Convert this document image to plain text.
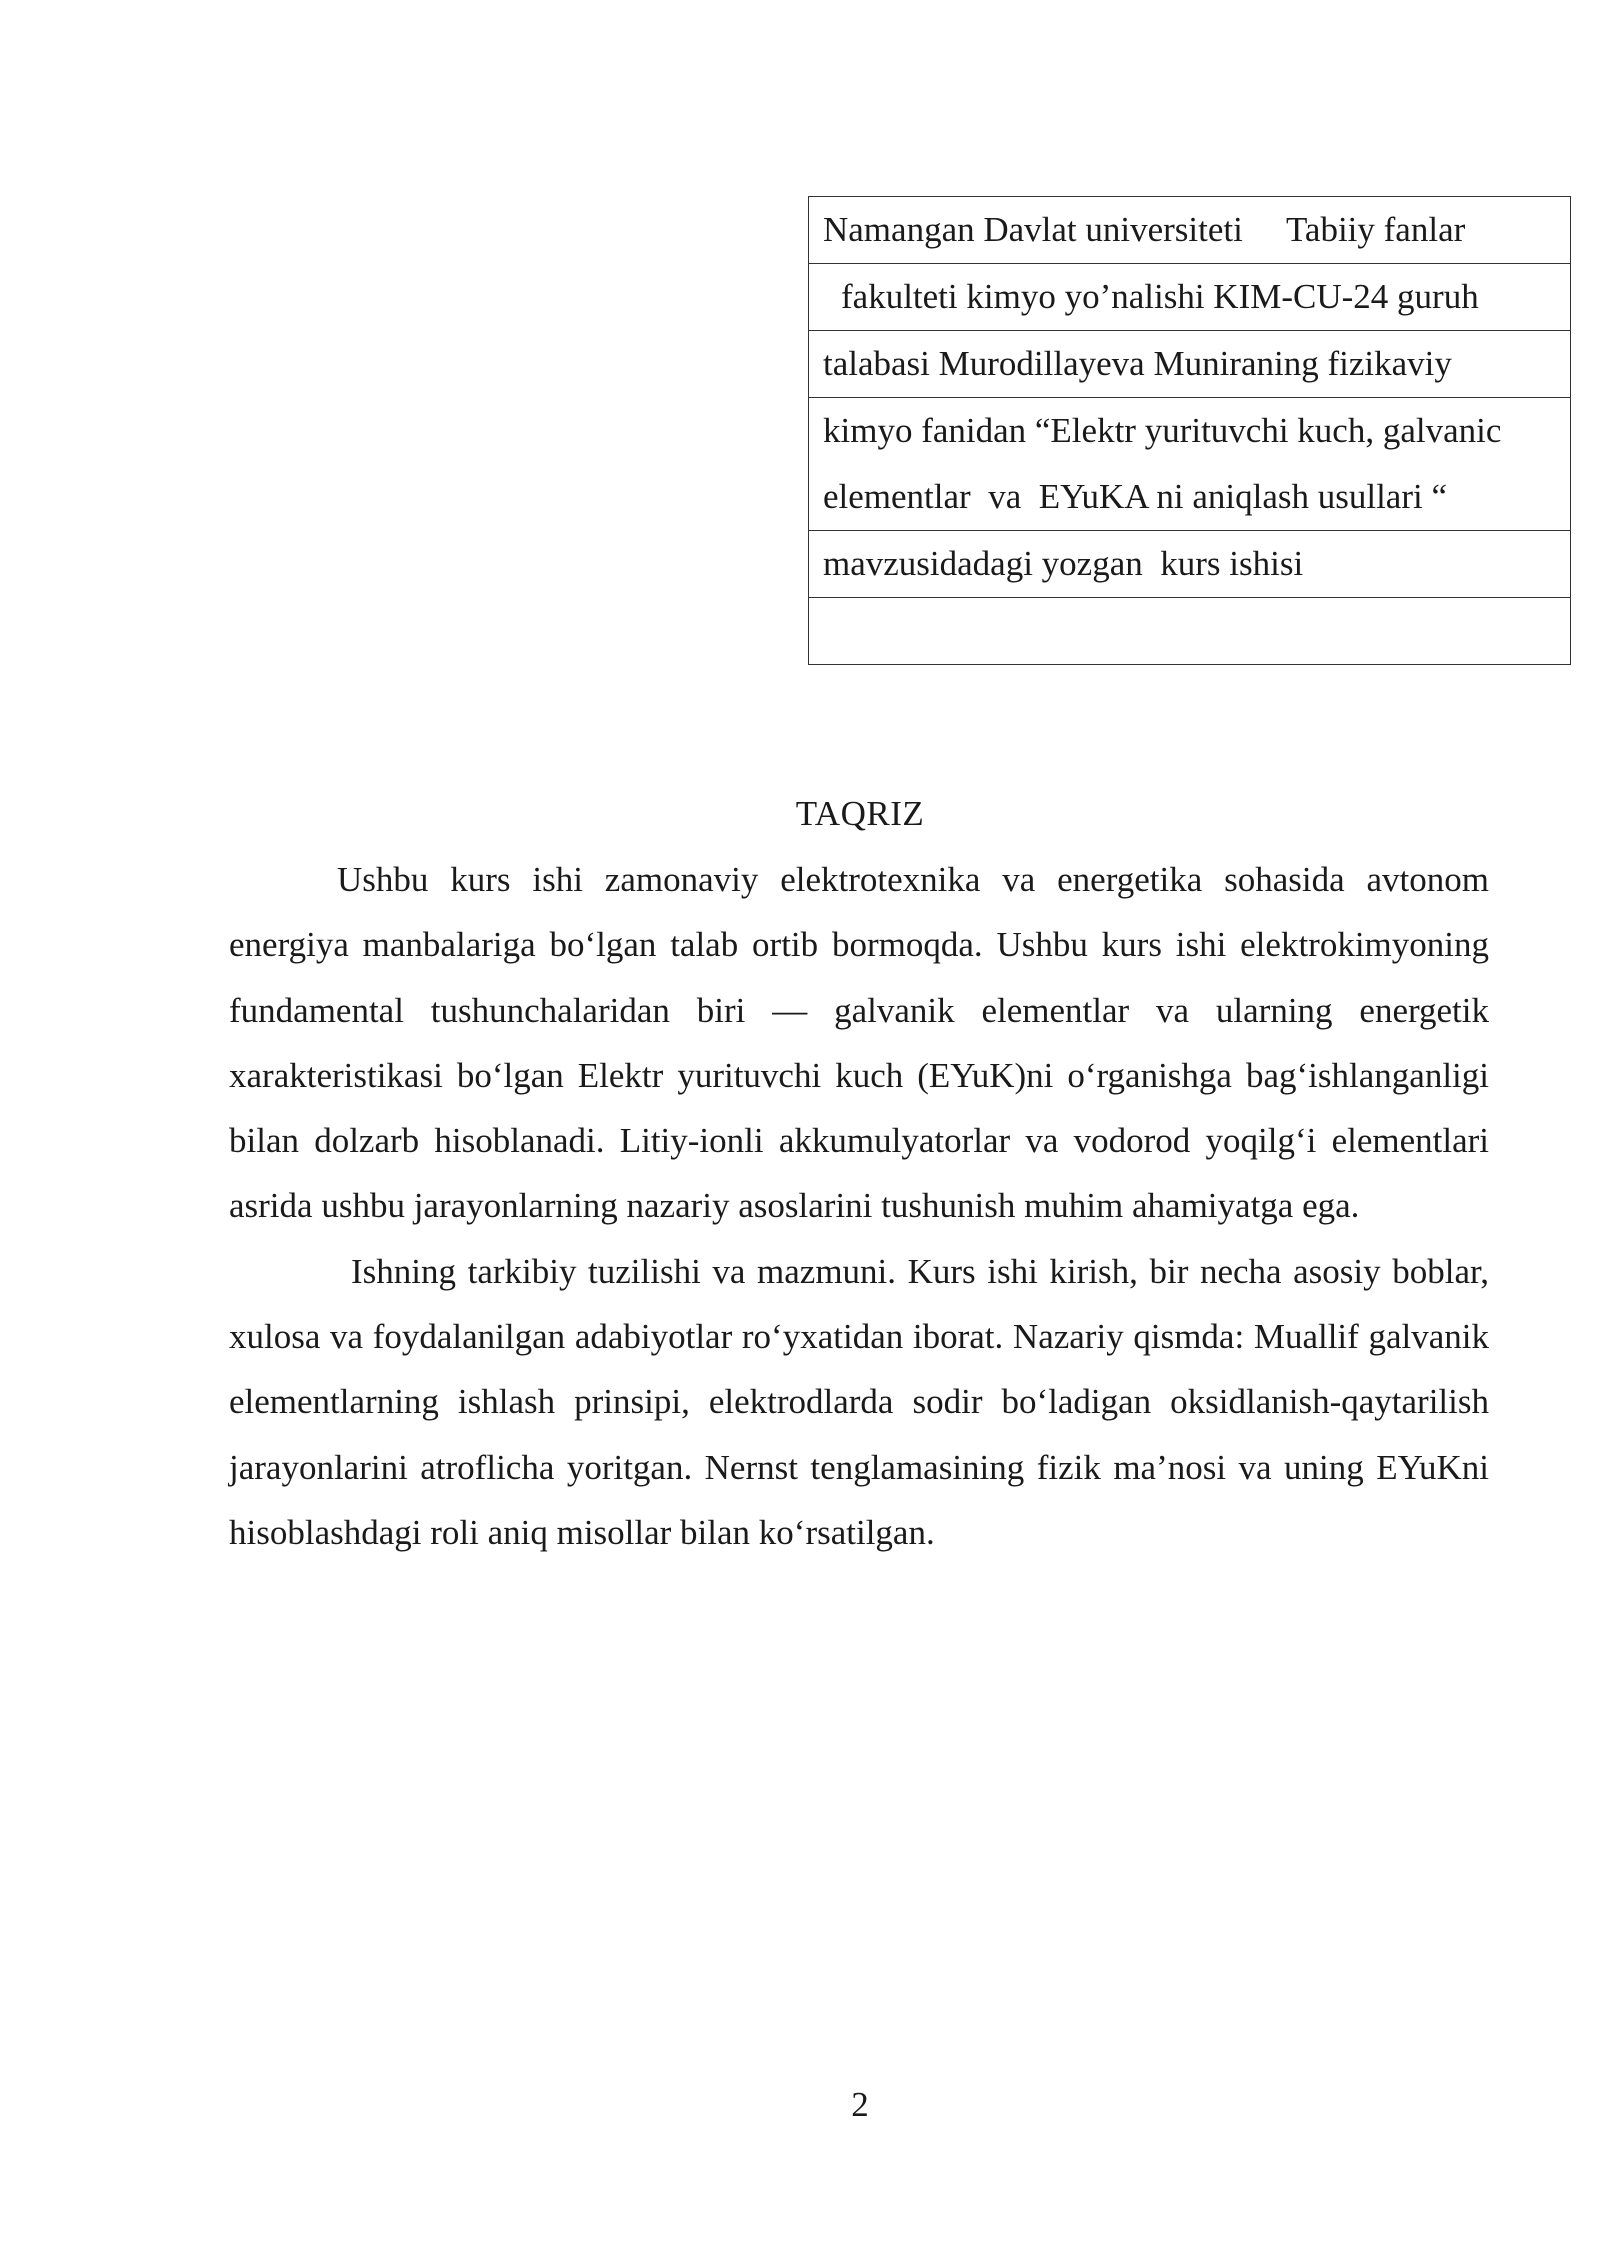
Namangan Davlat universiteti     Tabiiy fanlar
fakulteti kimyo yo’nalishi KIM-CU-24 guruh
talabasi Murodillayeva Muniraning fizikaviy
kimyo fanidan “Elektr yurituvchi kuch, galvanic elementlar  va  EYuKA ni aniqlash usullari “
mavzusidadagi yozgan  kurs ishisi

TAQRIZ

Ushbu kurs ishi zamonaviy elektrotexnika va energetika sohasida avtonom energiya manbalariga bo‘lgan talab ortib bormoqda. Ushbu kurs ishi elektrokimyoning fundamental tushunchalaridan biri — galvanik elementlar va ularning energetik xarakteristikasi bo‘lgan Elektr yurituvchi kuch (EYuK)ni o‘rganishga bag‘ishlanganligi bilan dolzarb hisoblanadi. Litiy-ionli akkumulyatorlar va vodorod yoqilg‘i elementlari asrida ushbu jarayonlarning nazariy asoslarini tushunish muhim ahamiyatga ega.

Ishning tarkibiy tuzilishi va mazmuni. Kurs ishi kirish, bir necha asosiy boblar, xulosa va foydalanilgan adabiyotlar ro‘yxatidan iborat. Nazariy qismda: Muallif galvanik elementlarning ishlash prinsipi, elektrodlarda sodir bo‘ladigan oksidlanish-qaytarilish jarayonlarini atroflicha yoritgan. Nernst tenglamasining fizik ma’nosi va uning EYuKni hisoblashdagi roli aniq misollar bilan ko‘rsatilgan.

2
